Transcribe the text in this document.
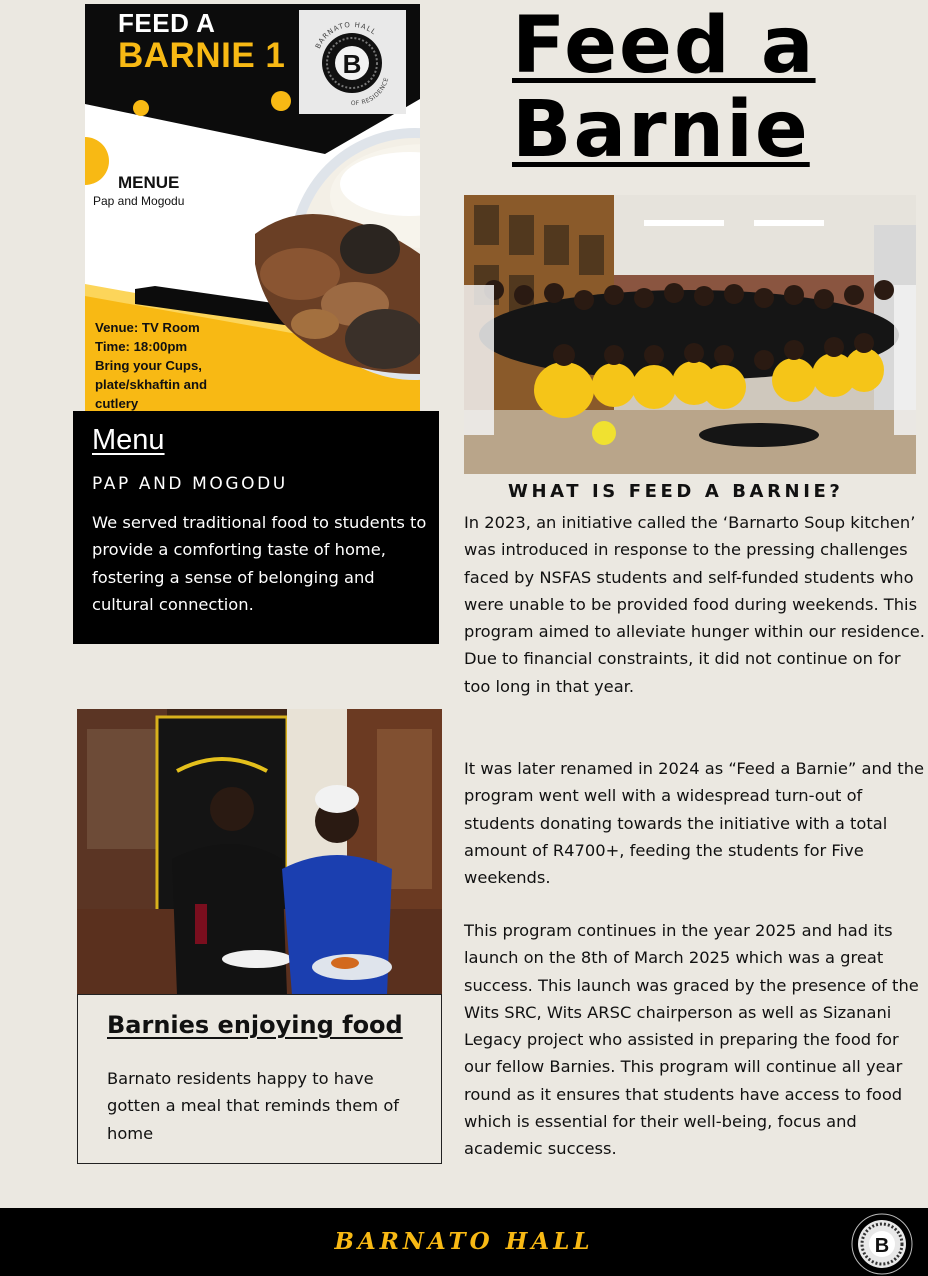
FEED A
BARNIE 1 B
BARNATO HALL
OF RESIDENCE
MENUE
Pap and Mogodu
Venue: TV Room
Time: 18:00pm
Bring your Cups,
plate/skhaftin and
cutlery
Menu
PAP AND MOGODU
We served traditional food to students to provide a comforting taste of home, fostering a sense of belonging and cultural connection.
Barnies enjoying food
Barnato residents happy to have gotten a meal that reminds them of home
Feed a
Barnie
WHAT IS FEED A BARNIE?
In 2023, an initiative called the ‘Barnarto Soup kitchen’ was introduced in response to the pressing challenges faced by NSFAS students and self-funded students who were unable to be provided food during weekends. This program aimed to alleviate hunger within our residence. Due to financial constraints, it did not continue on for too long in that year.
It was later renamed in 2024 as “Feed a Barnie” and the program went well with a widespread turn-out of students donating towards the initiative with a total amount of R4700+, feeding the students for Five weekends.
This program continues in the year 2025 and had its launch on the 8th of March 2025 which was a great success. This launch was graced by the presence of the Wits SRC, Wits ARSC chairperson as well as Sizanani Legacy project who assisted in preparing the food for our fellow Barnies. This program will continue all year round as it ensures that students have access to food which is essential for their well-being, focus and academic success.
BARNATO HALL	B
